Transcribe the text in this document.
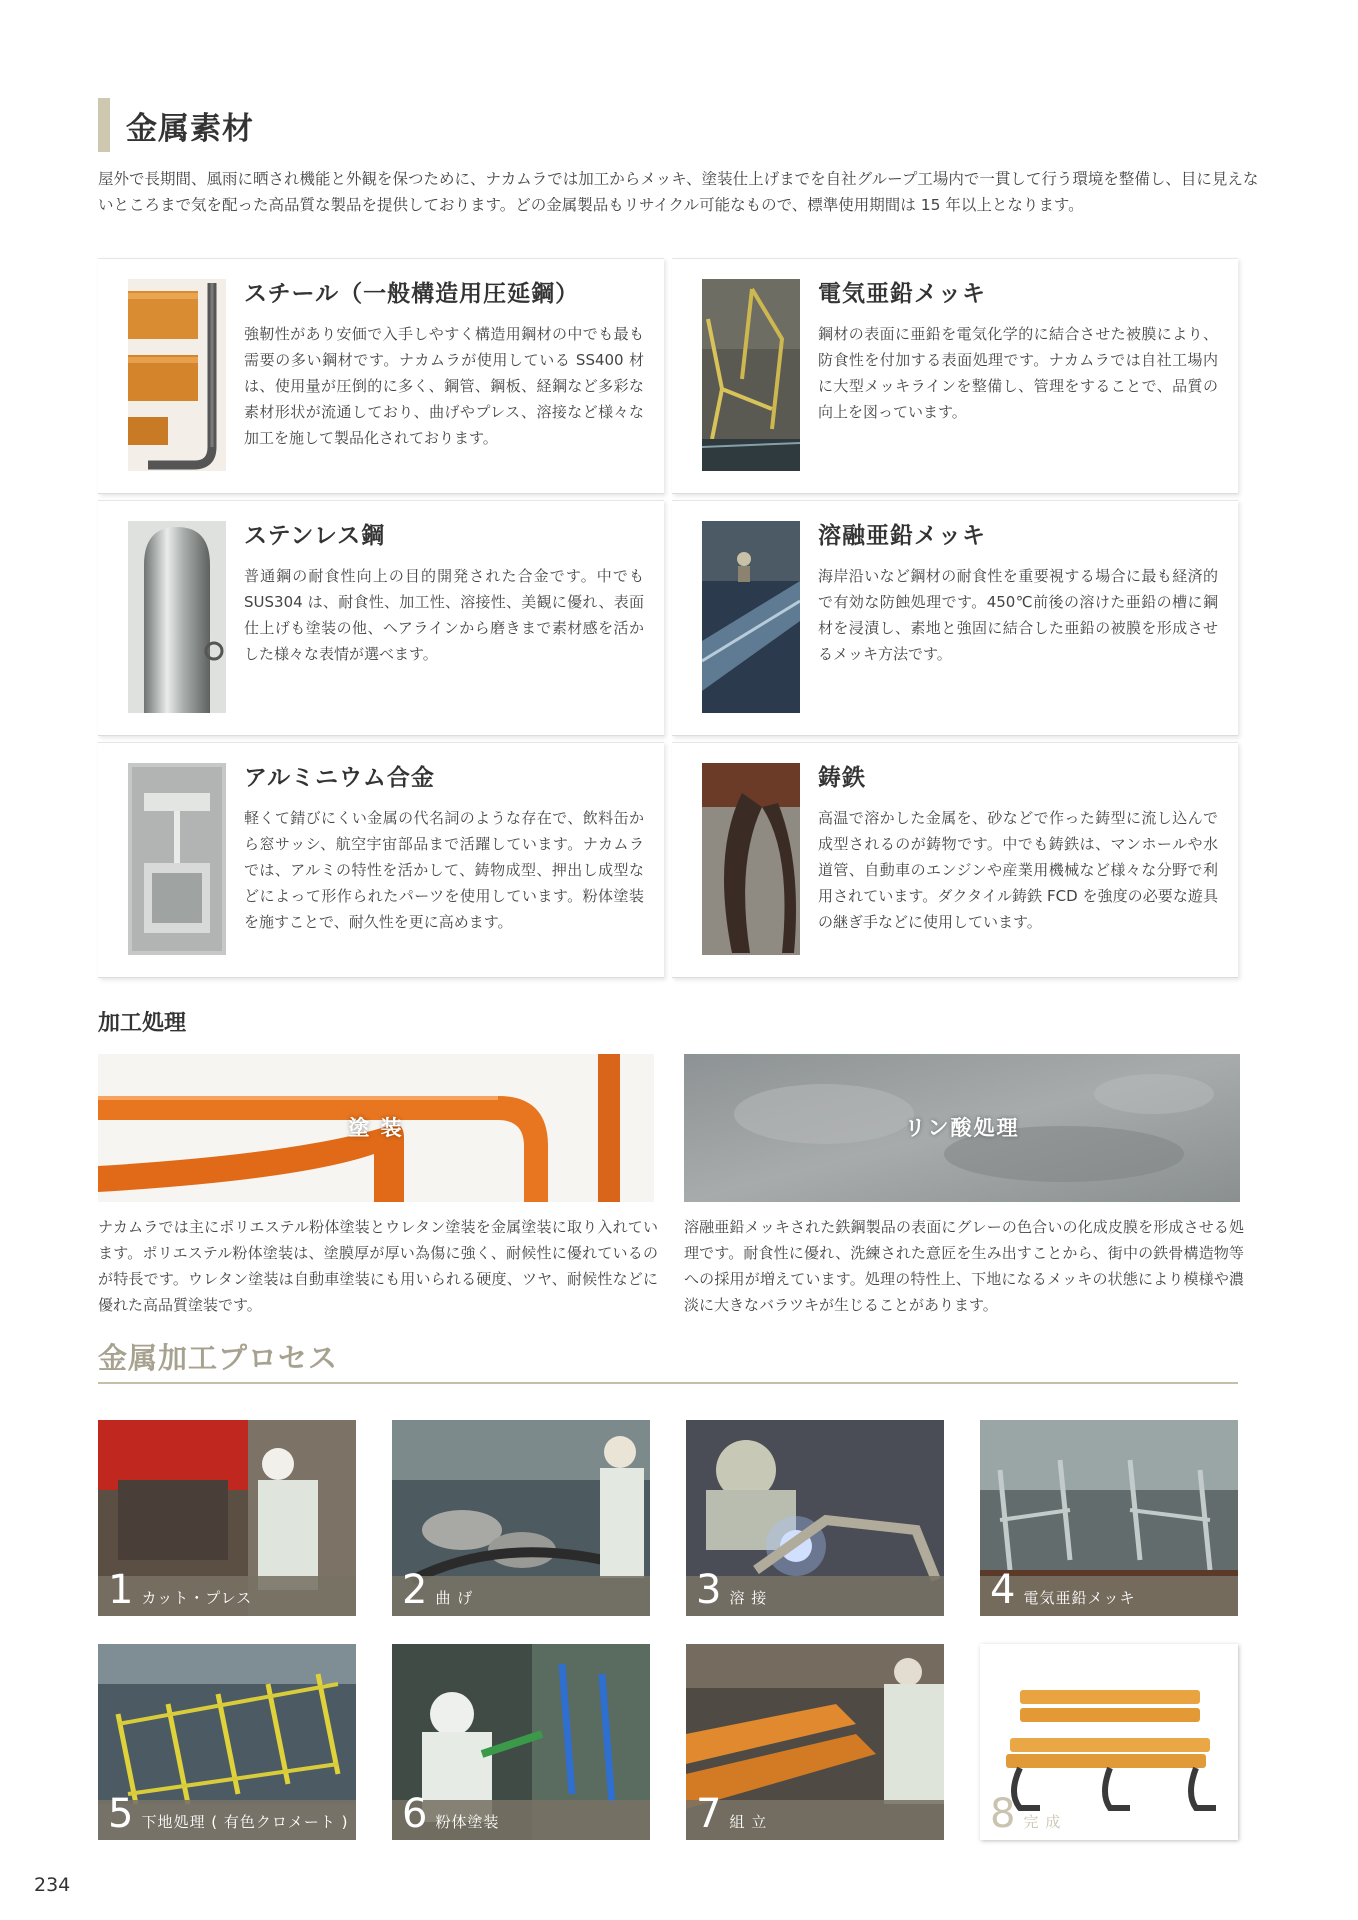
金属素材

屋外で長期間、風雨に晒され機能と外観を保つために、ナカムラでは加工からメッキ、塗装仕上げまでを自社グループ工場内で一貫して行う環境を整備し、目に見えないところまで気を配った高品質な製品を提供しております。どの金属製品もリサイクル可能なもので、標準使用期間は 15 年以上となります。

スチール（一般構造用圧延鋼）

強靭性があり安価で入手しやすく構造用鋼材の中でも最も需要の多い鋼材です。ナカムラが使用している SS400 材は、使用量が圧倒的に多く、鋼管、鋼板、経鋼など多彩な素材形状が流通しており、曲げやプレス、溶接など様々な加工を施して製品化されております。

電気亜鉛メッキ

鋼材の表面に亜鉛を電気化学的に結合させた被膜により、防食性を付加する表面処理です。ナカムラでは自社工場内に大型メッキラインを整備し、管理をすることで、品質の向上を図っています。

ステンレス鋼

普通鋼の耐食性向上の目的開発された合金です。中でも SUS304 は、耐食性、加工性、溶接性、美観に優れ、表面仕上げも塗装の他、ヘアラインから磨きまで素材感を活かした様々な表情が選べます。

溶融亜鉛メッキ

海岸沿いなど鋼材の耐食性を重要視する場合に最も経済的で有効な防蝕処理です。450℃前後の溶けた亜鉛の槽に鋼材を浸漬し、素地と強固に結合した亜鉛の被膜を形成させるメッキ方法です。

アルミニウム合金

軽くて錆びにくい金属の代名詞のような存在で、飲料缶から窓サッシ、航空宇宙部品まで活躍しています。ナカムラでは、アルミの特性を活かして、鋳物成型、押出し成型などによって形作られたパーツを使用しています。粉体塗装を施すことで、耐久性を更に高めます。

鋳鉄

高温で溶かした金属を、砂などで作った鋳型に流し込んで成型されるのが鋳物です。中でも鋳鉄は、マンホールや水道管、自動車のエンジンや産業用機械など様々な分野で利用されています。ダクタイル鋳鉄 FCD を強度の必要な遊具の継ぎ手などに使用しています。

加工処理
塗 装	リン酸処理

ナカムラでは主にポリエステル粉体塗装とウレタン塗装を金属塗装に取り入れています。ポリエステル粉体塗装は、塗膜厚が厚い為傷に強く、耐候性に優れているのが特長です。ウレタン塗装は自動車塗装にも用いられる硬度、ツヤ、耐候性などに優れた高品質塗装です。

溶融亜鉛メッキされた鉄鋼製品の表面にグレーの色合いの化成皮膜を形成させる処理です。耐食性に優れ、洗練された意匠を生み出すことから、街中の鉄骨構造物等への採用が増えています。処理の特性上、下地になるメッキの状態により模様や濃淡に大きなバラツキが生じることがあります。

金属加工プロセス
1 カット・プレス	2 曲 げ	3 溶 接	4 電気亜鉛メッキ
5 下地処理 ( 有色クロメート ) 6 粉体塗装	7 組 立	8 完 成
234
